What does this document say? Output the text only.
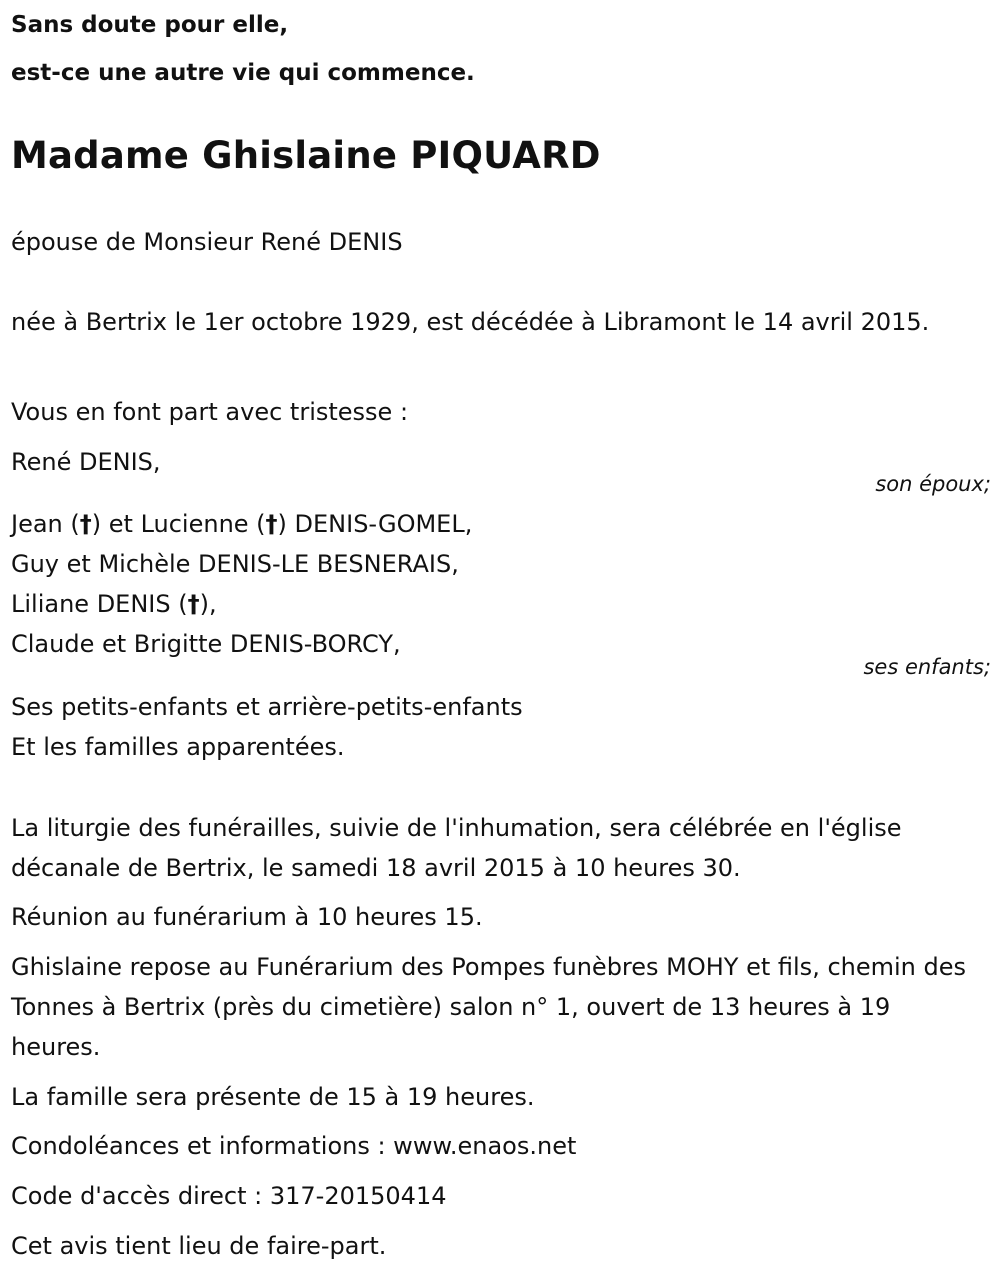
Sans doute pour elle,

est-ce une autre vie qui commence.

Madame Ghislaine PIQUARD

épouse de Monsieur René DENIS

née à Bertrix le 1er octobre 1929, est décédée à Libramont le 14 avril 2015.

Vous en font part avec tristesse :

René DENIS,

son époux;

Jean (†) et Lucienne (†) DENIS-GOMEL,

Guy et Michèle DENIS-LE BESNERAIS,

Liliane DENIS (†),

Claude et Brigitte DENIS-BORCY,

ses enfants;

Ses petits-enfants et arrière-petits-enfants

Et les familles apparentées.

La liturgie des funérailles, suivie de l'inhumation, sera célébrée en l'église décanale de Bertrix, le samedi 18 avril 2015 à 10 heures 30.

Réunion au funérarium à 10 heures 15.

Ghislaine repose au Funérarium des Pompes funèbres MOHY et fils, chemin des Tonnes à Bertrix (près du cimetière) salon n° 1, ouvert de 13 heures à 19 heures.

La famille sera présente de 15 à 19 heures.

Condoléances et informations : www.enaos.net

Code d'accès direct : 317-20150414

Cet avis tient lieu de faire-part.
